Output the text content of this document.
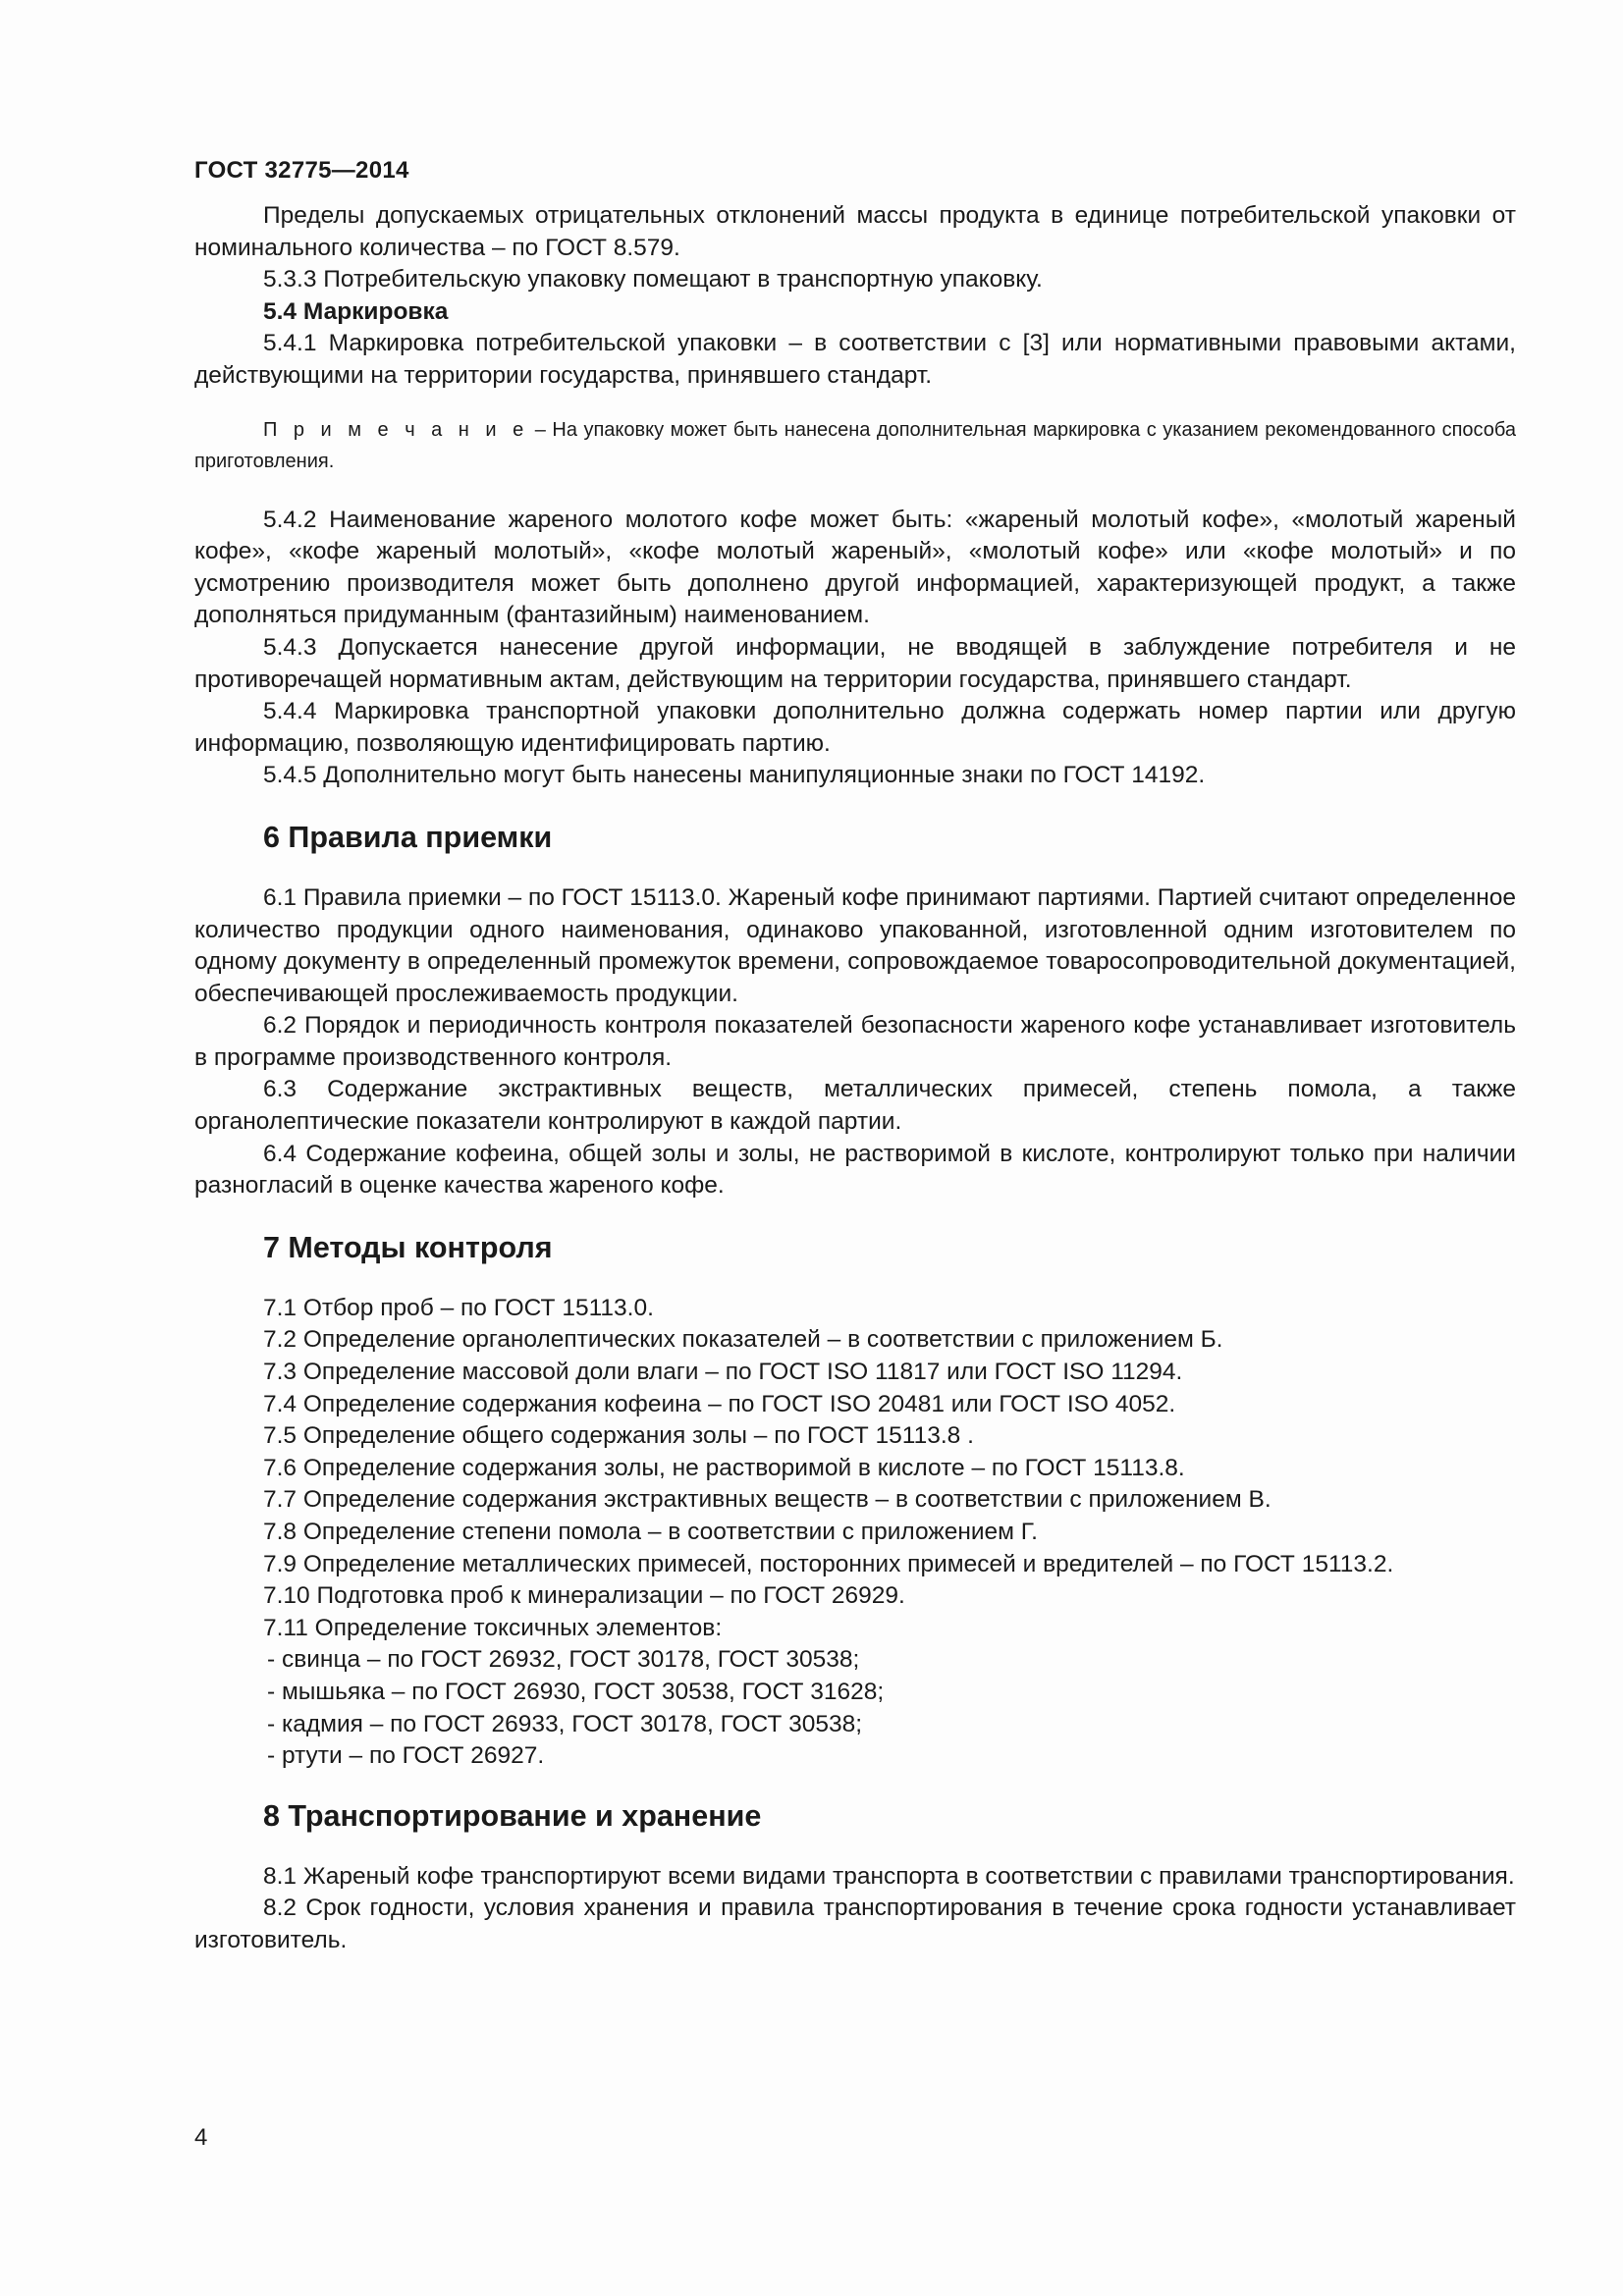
ГОСТ 32775—2014

Пределы допускаемых отрицательных отклонений массы продукта в единице потребительской упаковки от номинального количества – по ГОСТ 8.579.

5.3.3 Потребительскую упаковку помещают в транспортную упаковку.

5.4 Маркировка

5.4.1 Маркировка потребительской упаковки – в соответствии с [3] или нормативными правовыми актами, действующими на территории государства, принявшего стандарт.

П р и м е ч а н и е – На упаковку может быть нанесена дополнительная маркировка с указанием рекомендованного способа приготовления.

5.4.2 Наименование жареного молотого кофе может быть: «жареный молотый кофе», «молотый жареный кофе», «кофе жареный молотый», «кофе молотый жареный», «молотый кофе» или «кофе молотый» и по усмотрению производителя может быть дополнено другой информацией, характеризующей продукт, а также дополняться придуманным (фантазийным) наименованием.

5.4.3 Допускается нанесение другой информации, не вводящей в заблуждение потребителя и не противоречащей нормативным актам, действующим на территории государства, принявшего стандарт.

5.4.4 Маркировка транспортной упаковки дополнительно должна содержать номер партии или другую информацию, позволяющую идентифицировать партию.

5.4.5 Дополнительно могут быть нанесены манипуляционные знаки по ГОСТ 14192.

6 Правила приемки

6.1 Правила приемки – по ГОСТ 15113.0. Жареный кофе принимают партиями. Партией считают определенное количество продукции одного наименования, одинаково упакованной, изготовленной одним изготовителем по одному документу в определенный промежуток времени, сопровождаемое товаросопроводительной документацией, обеспечивающей прослеживаемость продукции.

6.2 Порядок и периодичность контроля показателей безопасности жареного кофе устанавливает изготовитель в программе производственного контроля.

6.3 Содержание экстрактивных веществ, металлических примесей, степень помола, а также органолептические показатели контролируют в каждой партии.

6.4 Содержание кофеина, общей золы и золы, не растворимой в кислоте, контролируют только при наличии разногласий в оценке качества жареного кофе.

7 Методы контроля

7.1 Отбор проб – по ГОСТ 15113.0.

7.2 Определение органолептических показателей – в соответствии с приложением Б.

7.3 Определение массовой доли влаги – по ГОСТ ISO 11817 или ГОСТ ISO 11294.

7.4 Определение содержания кофеина – по ГОСТ ISO 20481 или ГОСТ ISO 4052.

7.5 Определение общего содержания золы – по ГОСТ 15113.8 .

7.6 Определение содержания золы, не растворимой в кислоте – по ГОСТ 15113.8.

7.7 Определение содержания экстрактивных веществ – в соответствии с приложением В.

7.8 Определение степени помола – в соответствии с приложением Г.

7.9 Определение металлических примесей, посторонних примесей и вредителей – по ГОСТ 15113.2.

7.10 Подготовка проб к минерализации – по ГОСТ 26929.

7.11 Определение токсичных элементов:

- свинца – по ГОСТ 26932, ГОСТ 30178, ГОСТ 30538;

- мышьяка – по ГОСТ 26930, ГОСТ 30538, ГОСТ 31628;

- кадмия – по ГОСТ 26933, ГОСТ 30178, ГОСТ 30538;

- ртути – по ГОСТ 26927.

8 Транспортирование и хранение

8.1 Жареный кофе транспортируют всеми видами транспорта в соответствии с правилами транспортирования.

8.2 Срок годности, условия хранения и правила транспортирования в течение срока годности устанавливает изготовитель.

4
